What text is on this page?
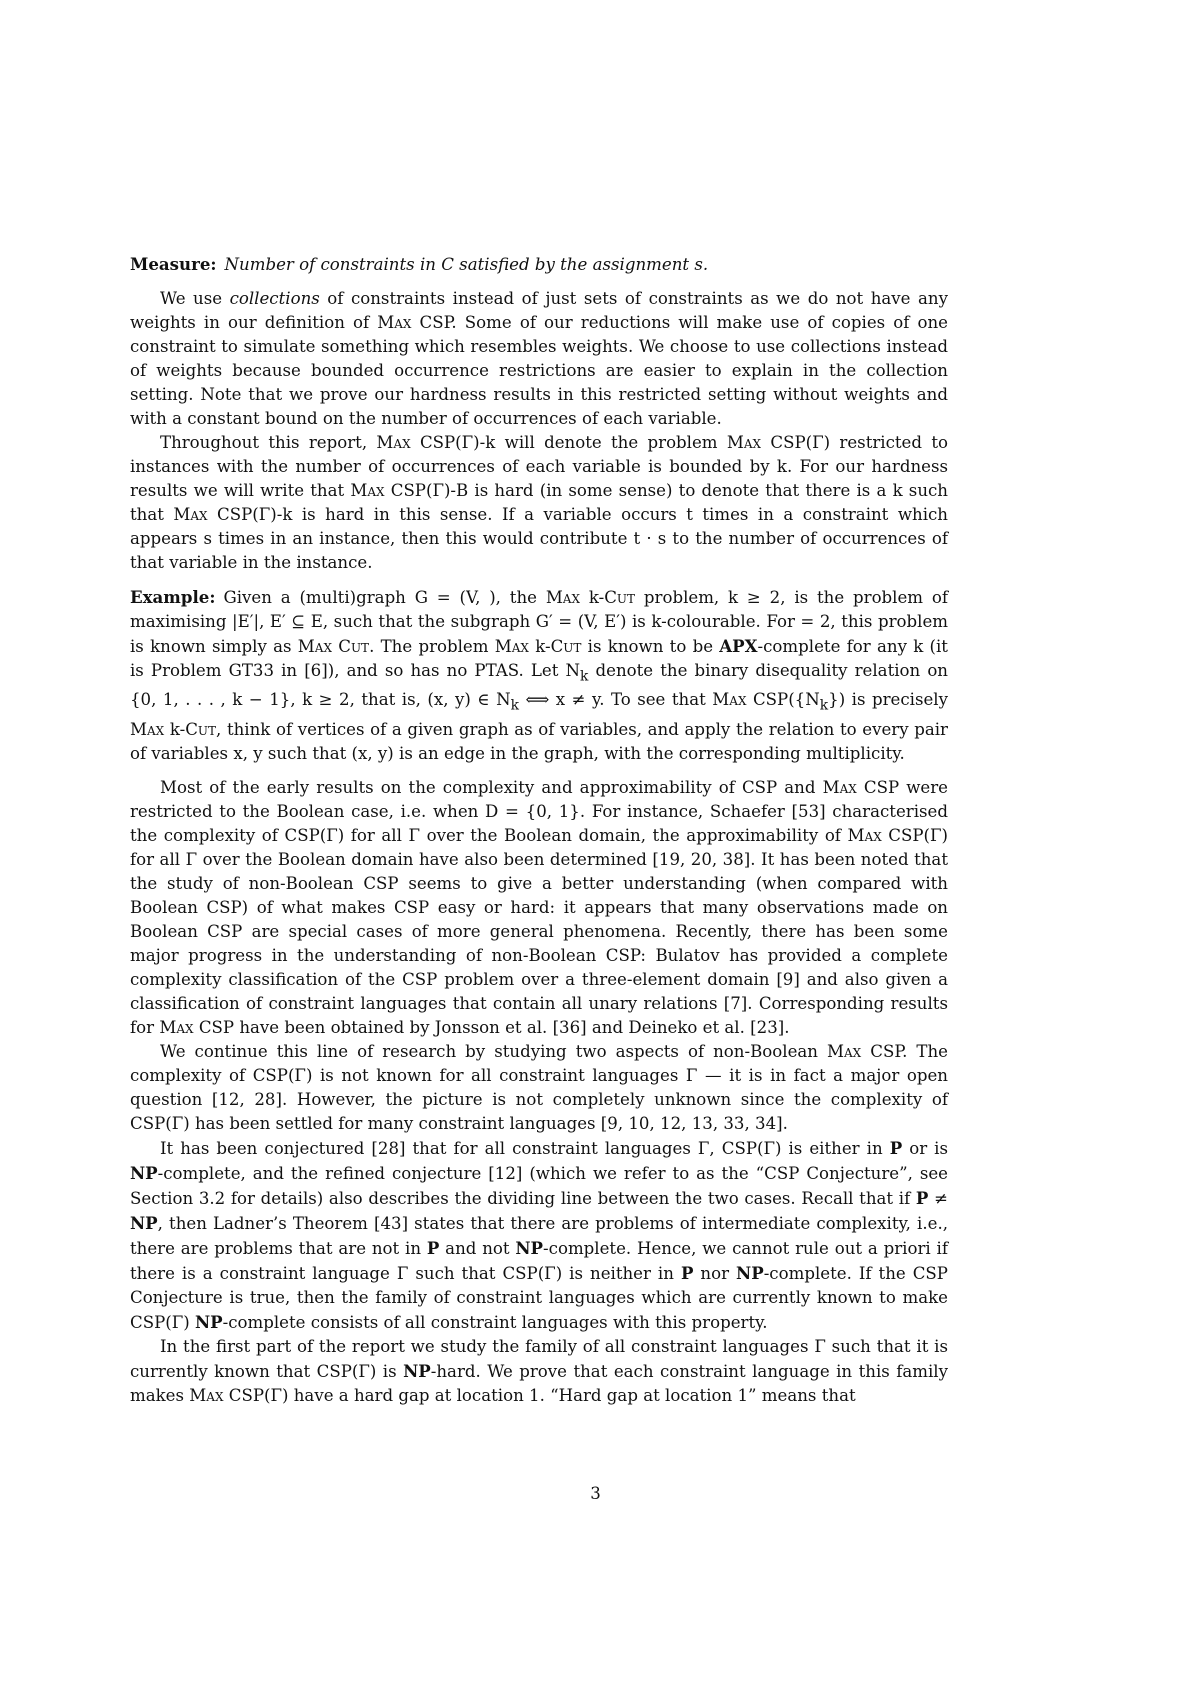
Measure: Number of constraints in C satisfied by the assignment s.

We use collections of constraints instead of just sets of constraints as we do not have any weights in our definition of Max CSP. Some of our reductions will make use of copies of one constraint to simulate something which resembles weights. We choose to use collections instead of weights because bounded occurrence restrictions are easier to explain in the collection setting. Note that we prove our hardness results in this restricted setting without weights and with a constant bound on the number of occurrences of each variable.

Throughout this report, Max CSP(Γ)-k will denote the problem Max CSP(Γ) restricted to instances with the number of occurrences of each variable is bounded by k. For our hardness results we will write that Max CSP(Γ)-B is hard (in some sense) to denote that there is a k such that Max CSP(Γ)-k is hard in this sense. If a variable occurs t times in a constraint which appears s times in an instance, then this would contribute t · s to the number of occurrences of that variable in the instance.

Example: Given a (multi)graph G = (V, ), the Max k-Cut problem, k ≥ 2, is the problem of maximising |E′|, E′ ⊆ E, such that the subgraph G′ = (V, E′) is k-colourable. For = 2, this problem is known simply as Max Cut. The problem Max k-Cut is known to be APX-complete for any k (it is Problem GT33 in [6]), and so has no PTAS. Let $N_k$ denote the binary disequality relation on {0, 1, . . . , k − 1}, k ≥ 2, that is, (x, y) ∈ $N_k$ ⟺ x ≠ y. To see that Max $CSP(\{N_k\})$ is precisely Max k-Cut, think of vertices of a given graph as of variables, and apply the relation to every pair of variables x, y such that (x, y) is an edge in the graph, with the corresponding multiplicity.

Most of the early results on the complexity and approximability of CSP and Max CSP were restricted to the Boolean case, i.e. when D = {0, 1}. For instance, Schaefer [53] characterised the complexity of CSP(Γ) for all Γ over the Boolean domain, the approximability of Max CSP(Γ) for all Γ over the Boolean domain have also been determined [19, 20, 38]. It has been noted that the study of non-Boolean CSP seems to give a better understanding (when compared with Boolean CSP) of what makes CSP easy or hard: it appears that many observations made on Boolean CSP are special cases of more general phenomena. Recently, there has been some major progress in the understanding of non-Boolean CSP: Bulatov has provided a complete complexity classification of the CSP problem over a three-element domain [9] and also given a classification of constraint languages that contain all unary relations [7]. Corresponding results for Max CSP have been obtained by Jonsson et al. [36] and Deineko et al. [23].

We continue this line of research by studying two aspects of non-Boolean Max CSP. The complexity of CSP(Γ) is not known for all constraint languages Γ — it is in fact a major open question [12, 28]. However, the picture is not completely unknown since the complexity of CSP(Γ) has been settled for many constraint languages [9, 10, 12, 13, 33, 34].

It has been conjectured [28] that for all constraint languages Γ, CSP(Γ) is either in P or is NP-complete, and the refined conjecture [12] (which we refer to as the “CSP Conjecture”, see Section 3.2 for details) also describes the dividing line between the two cases. Recall that if P ≠ NP, then Ladner’s Theorem [43] states that there are problems of intermediate complexity, i.e., there are problems that are not in P and not NP-complete. Hence, we cannot rule out a priori if there is a constraint language Γ such that CSP(Γ) is neither in P nor NP-complete. If the CSP Conjecture is true, then the family of constraint languages which are currently known to make CSP(Γ) NP-complete consists of all constraint languages with this property.

In the first part of the report we study the family of all constraint languages Γ such that it is currently known that CSP(Γ) is NP-hard. We prove that each constraint language in this family makes Max CSP(Γ) have a hard gap at location 1. “Hard gap at location 1” means that

3
